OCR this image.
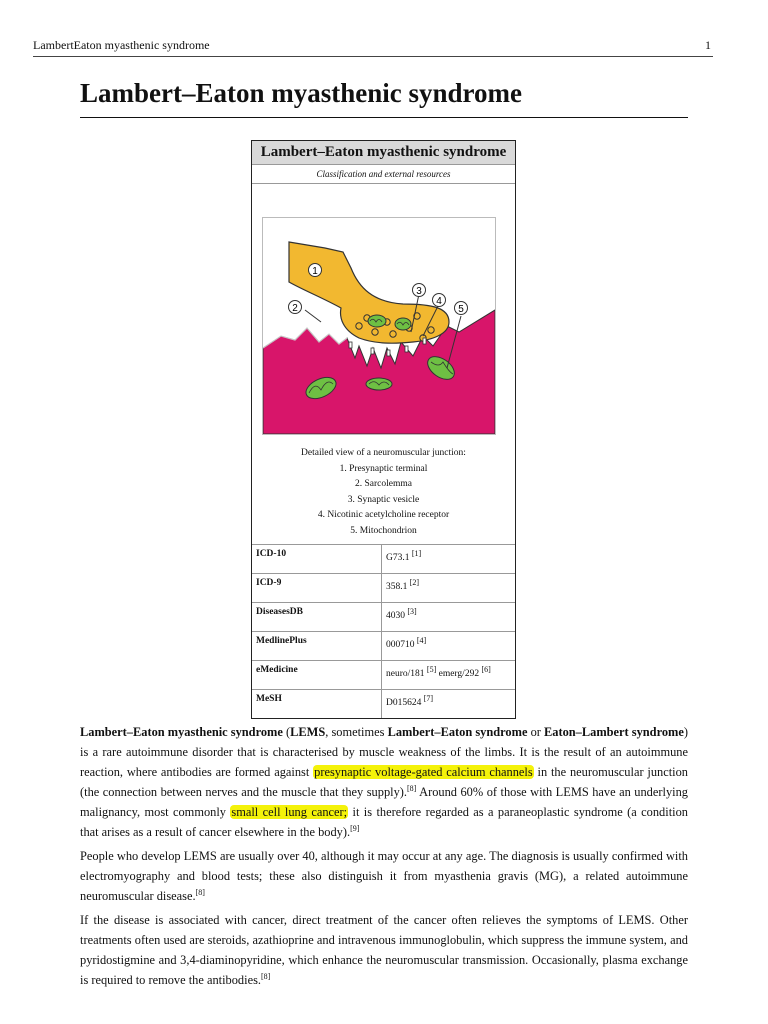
LambertEaton myasthenic syndrome	1
Lambert–Eaton myasthenic syndrome
Lambert–Eaton myasthenic syndrome
Classification and external resources
1
2
3
4
5
Detailed view of a neuromuscular junction:
1. Presynaptic terminal
2. Sarcolemma
3. Synaptic vesicle
4. Nicotinic acetylcholine receptor
5. Mitochondrion
ICD-10	G73.1 [1]
ICD-9	358.1 [2]
DiseasesDB	4030 [3]
MedlinePlus	000710 [4]
eMedicine	neuro/181 [5] emerg/292 [6]
MeSH	D015624 [7]

Lambert–Eaton myasthenic syndrome (LEMS, sometimes Lambert–Eaton syndrome or Eaton–Lambert syndrome) is a rare autoimmune disorder that is characterised by muscle weakness of the limbs. It is the result of an autoimmune reaction, where antibodies are formed against presynaptic voltage-gated calcium channels in the neuromuscular junction (the connection between nerves and the muscle that they supply).[8] Around 60% of those with LEMS have an underlying malignancy, most commonly small cell lung cancer; it is therefore regarded as a paraneoplastic syndrome (a condition that arises as a result of cancer elsewhere in the body).[9]

People who develop LEMS are usually over 40, although it may occur at any age. The diagnosis is usually confirmed with electromyography and blood tests; these also distinguish it from myasthenia gravis (MG), a related autoimmune neuromuscular disease.[8]

If the disease is associated with cancer, direct treatment of the cancer often relieves the symptoms of LEMS. Other treatments often used are steroids, azathioprine and intravenous immunoglobulin, which suppress the immune system, and pyridostigmine and 3,4-diaminopyridine, which enhance the neuromuscular transmission. Occasionally, plasma exchange is required to remove the antibodies.[8]
